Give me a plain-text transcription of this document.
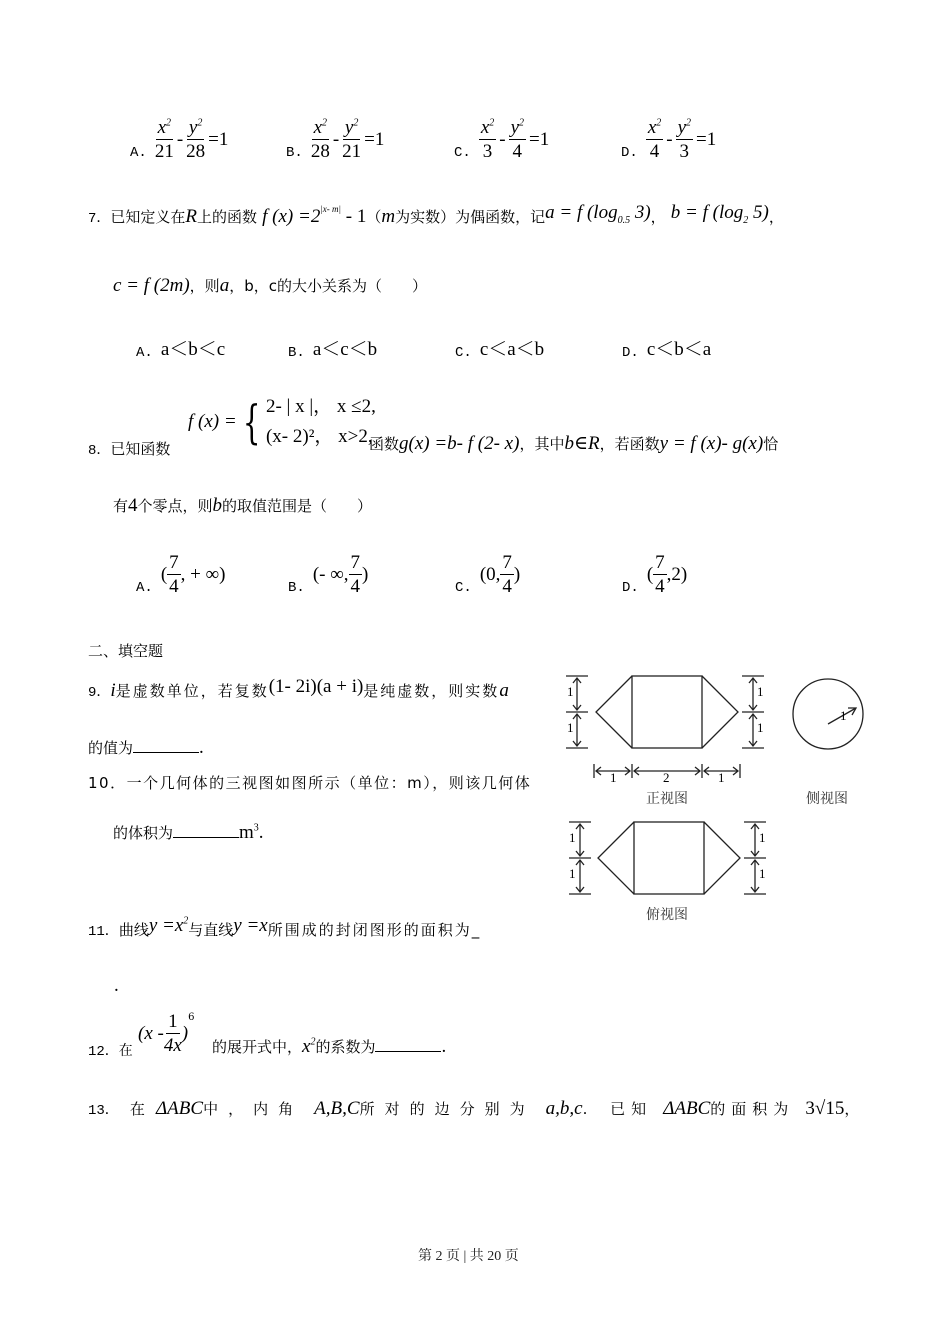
A. $\frac{x^2}{21} - \frac{y^2}{28} =1$
B. $\frac{x^2}{28} - \frac{y^2}{21} =1$
C. $\frac{x^2}{3} - \frac{y^2}{4} =1$
D. $\frac{x^2}{4} - \frac{y^2}{3} =1$
7．已知定义在R上的函数 f $(x) =2^{|x- m|} - 1(m$为实数）为偶函数，记a = f ($\log_{0.5}$ 3)， b = f ($\log_2$ 5)，
c = f (2m)，则a，b，c的大小关系为（　　）
A. a＜b＜c	B. a＜c＜b	C. c＜a＜b	D. c＜b＜a
8．已知函数
f (x) = { 2- | x |， x ≤2,
(x- 2)²， x>2,
函数g(x) =b- f (2- x)，其中b∈R，若函数y = f (x)- g(x)恰
有4个零点，则b的取值范围是（　　）
A.
( $\frac{7}{4}$ , + ∞)
B.
(- ∞, $\frac{7}{4}$ )
C.
(0, $\frac{7}{4}$ )
D.
( $\frac{7}{4} ,2$)
二、填空题
9．i是虚数单位，若复数(1- 2i)(a + i)是纯虚数，则实数a
的值为	.
10．一个几何体的三视图如图所示（单位：m），则该几何体
的体积为	$m^3$.
1
1
1
1
1	2	1
1
正视图	侧视图
俯视图
1
1
1
1
11．曲线$y =x^2$与直线y =x所围成的封闭图形的面积为_
.
12．在
($x - \frac{1}{4x}$ )
$^6$
的展开式中，$x^2$的系数为	.
13． 在 ΔABC中，内角 A,B,C所对的边分别为 a,b,c. 已知 ΔABC的面积为 3√15，
第 2 页 | 共 20 页
